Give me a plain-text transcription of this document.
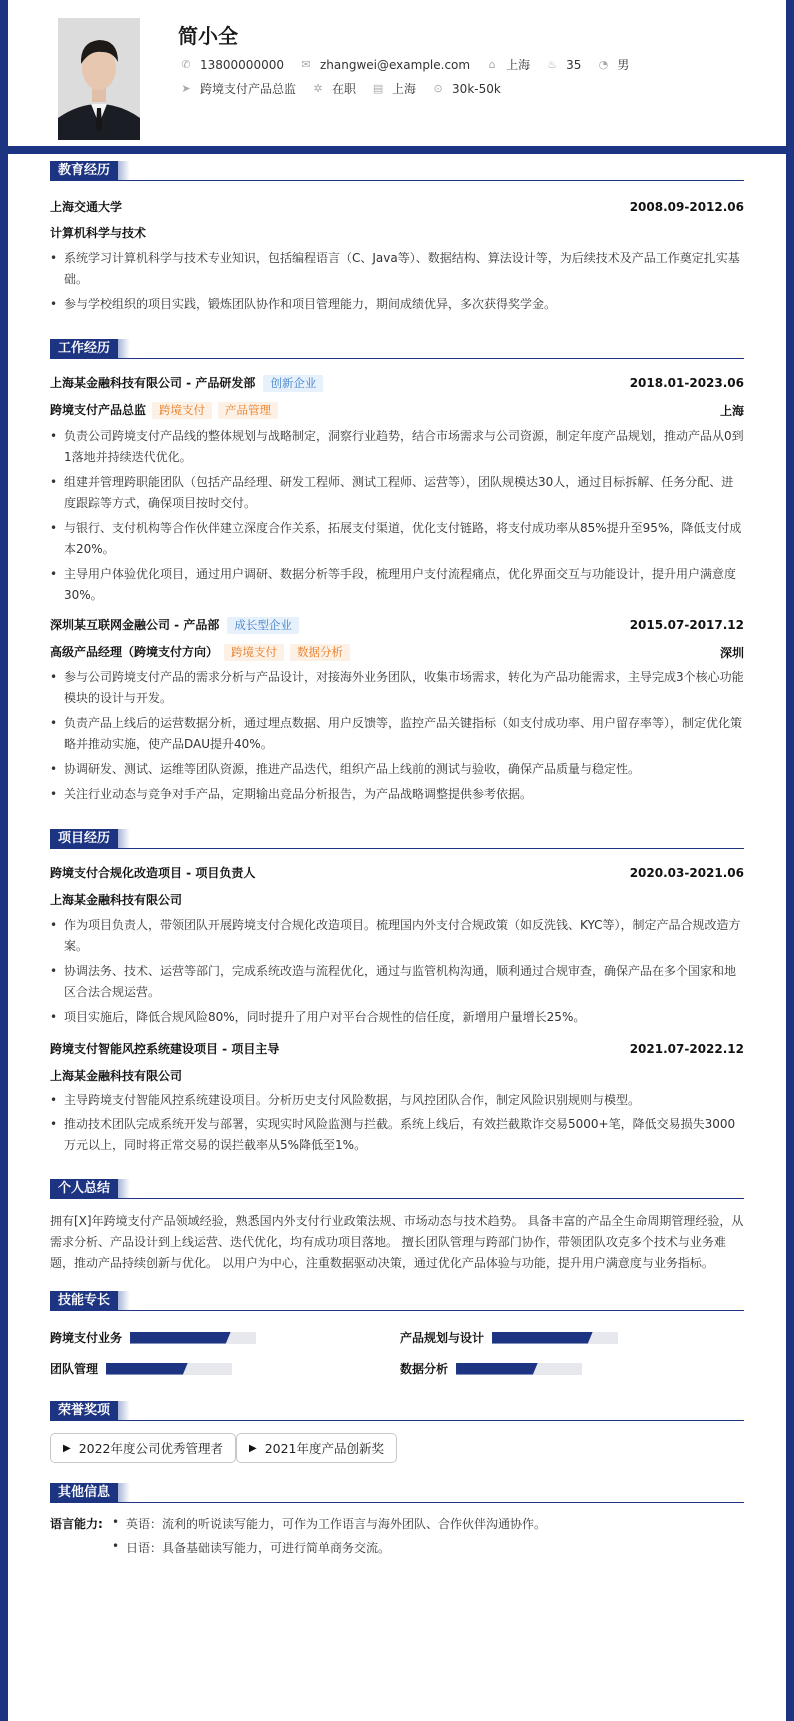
简小全
✆ 13800000000 ✉ zhangwei@example.com ⌂ 上海 ♨ 35 ◔ 男
➤ 跨境支付产品总监 ✲ 在职 ▤ 上海 ⊙ 30k-50k
教育经历
上海交通大学	2008.09-2012.06
计算机科学与技术
• 系统学习计算机科学与技术专业知识，包括编程语言（C、Java等）、数据结构、算法设计等，为后续技术及产品工作奠定扎实基础。
• 参与学校组织的项目实践，锻炼团队协作和项目管理能力，期间成绩优异，多次获得奖学金。
工作经历
上海某金融科技有限公司 - 产品研发部 创新企业	2018.01-2023.06
跨境支付产品总监 跨境支付 产品管理	上海
• 负责公司跨境支付产品线的整体规划与战略制定，洞察行业趋势，结合市场需求与公司资源，制定年度产品规划，推动产品从0到1落地并持续迭代优化。
• 组建并管理跨职能团队（包括产品经理、研发工程师、测试工程师、运营等），团队规模达30人，通过目标拆解、任务分配、进度跟踪等方式，确保项目按时交付。
• 与银行、支付机构等合作伙伴建立深度合作关系，拓展支付渠道，优化支付链路，将支付成功率从85%提升至95%，降低支付成本20%。
• 主导用户体验优化项目，通过用户调研、数据分析等手段，梳理用户支付流程痛点，优化界面交互与功能设计，提升用户满意度30%。
深圳某互联网金融公司 - 产品部 成长型企业	2015.07-2017.12
高级产品经理（跨境支付方向） 跨境支付 数据分析	深圳
• 参与公司跨境支付产品的需求分析与产品设计，对接海外业务团队，收集市场需求，转化为产品功能需求，主导完成3个核心功能模块的设计与开发。
• 负责产品上线后的运营数据分析，通过埋点数据、用户反馈等，监控产品关键指标（如支付成功率、用户留存率等），制定优化策略并推动实施，使产品DAU提升40%。
• 协调研发、测试、运维等团队资源，推进产品迭代，组织产品上线前的测试与验收，确保产品质量与稳定性。
• 关注行业动态与竞争对手产品，定期输出竞品分析报告，为产品战略调整提供参考依据。
项目经历
跨境支付合规化改造项目 - 项目负责人	2020.03-2021.06
上海某金融科技有限公司
• 作为项目负责人，带领团队开展跨境支付合规化改造项目。梳理国内外支付合规政策（如反洗钱、KYC等），制定产品合规改造方案。
• 协调法务、技术、运营等部门，完成系统改造与流程优化，通过与监管机构沟通，顺利通过合规审查，确保产品在多个国家和地区合法合规运营。
• 项目实施后，降低合规风险80%，同时提升了用户对平台合规性的信任度，新增用户量增长25%。
跨境支付智能风控系统建设项目 - 项目主导	2021.07-2022.12
上海某金融科技有限公司
• 主导跨境支付智能风控系统建设项目。分析历史支付风险数据，与风控团队合作，制定风险识别规则与模型。
• 推动技术团队完成系统开发与部署，实现实时风险监测与拦截。系统上线后，有效拦截欺诈交易5000+笔，降低交易损失3000万元以上，同时将正常交易的误拦截率从5%降低至1%。
个人总结
拥有[X]年跨境支付产品领域经验，熟悉国内外支付行业政策法规、市场动态与技术趋势。 具备丰富的产品全生命周期管理经验，从需求分析、产品设计到上线运营、迭代优化，均有成功项目落地。 擅长团队管理与跨部门协作，带领团队攻克多个技术与业务难题，推动产品持续创新与优化。 以用户为中心，注重数据驱动决策，通过优化产品体验与功能，提升用户满意度与业务指标。
技能专长
跨境支付业务	产品规划与设计
团队管理	数据分析
荣誉奖项
▶ 2022年度公司优秀管理者	▶ 2021年度产品创新奖
其他信息
语言能力:
•	英语：流利的听说读写能力，可作为工作语言与海外团队、合作伙伴沟通协作。
• 日语：具备基础读写能力，可进行简单商务交流。
